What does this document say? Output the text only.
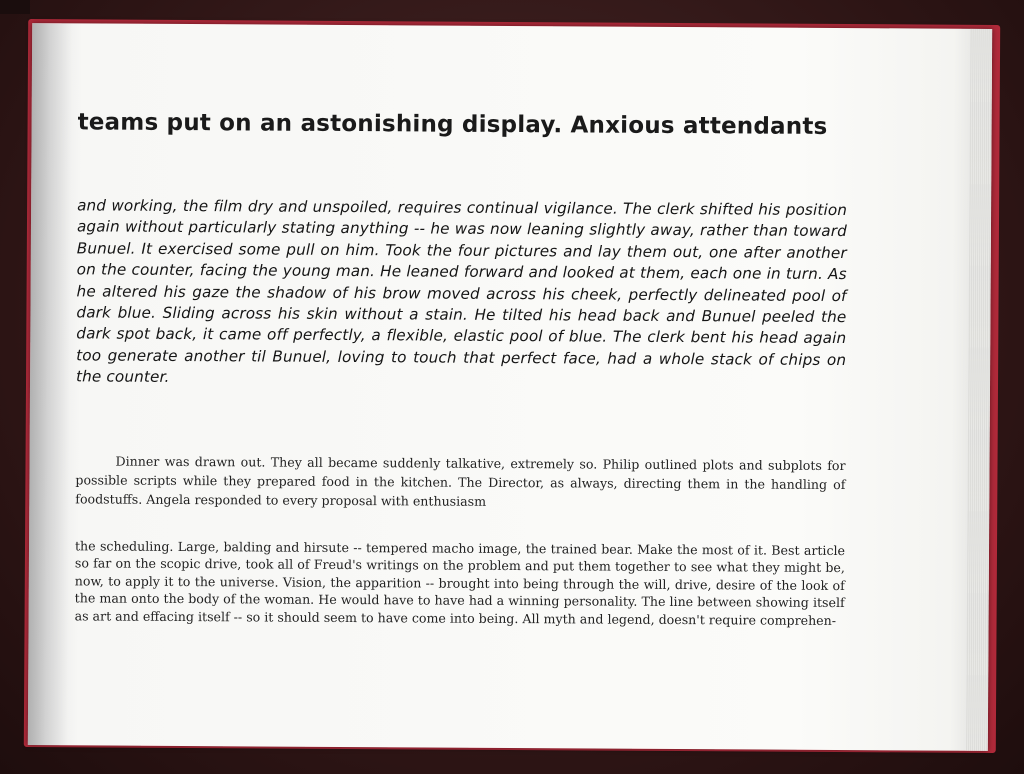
teams put on an astonishing display. Anxious attendants

and working, the film dry and unspoiled, requires continual vigilance. The clerk shifted his position again without particularly stating anything -- he was now leaning slightly away, rather than toward Bunuel. It exercised some pull on him. Took the four pictures and lay them out, one after another on the counter, facing the young man. He leaned forward and looked at them, each one in turn. As he altered his gaze the shadow of his brow moved across his cheek, perfectly delineated pool of dark blue. Sliding across his skin without a stain. He tilted his head back and Bunuel peeled the dark spot back, it came off perfectly, a flexible, elastic pool of blue. The clerk bent his head again too generate another til Bunuel, loving to touch that perfect face, had a whole stack of chips on the counter.

Dinner was drawn out. They all became suddenly talkative, extremely so. Philip outlined plots and subplots for possible scripts while they prepared food in the kitchen. The Director, as always, directing them in the handling of foodstuffs. Angela responded to every proposal with enthusiasm

the scheduling. Large, balding and hirsute -- tempered macho image, the trained bear. Make the most of it. Best article so far on the scopic drive, took all of Freud's writings on the problem and put them together to see what they might be, now, to apply it to the universe. Vision, the apparition -- brought into being through the will, drive, desire of the look of the man onto the body of the woman. He would have to have had a winning personality. The line between showing itself as art and effacing itself -- so it should seem to have come into being. All myth and legend, doesn't require comprehen-
